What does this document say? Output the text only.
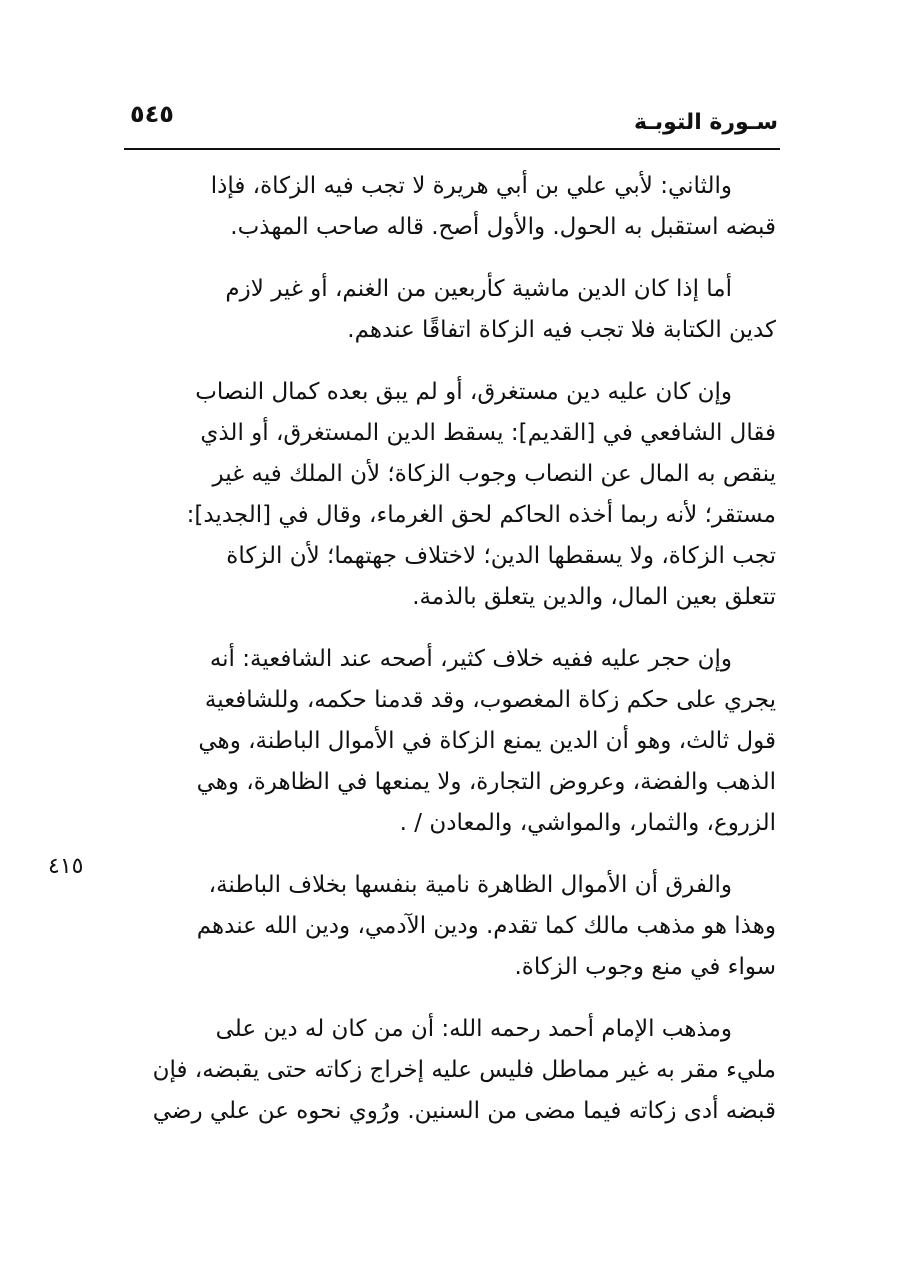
سـورة التوبـة
٥٤٥
٤١٥
والثاني: لأبي علي بن أبي هريرة لا تجب فيه الزكاة، فإذا
قبضه استقبل به الحول. والأول أصح. قاله صاحب المهذب.
أما إذا كان الدين ماشية كأربعين من الغنم، أو غير لازم
كدين الكتابة فلا تجب فيه الزكاة اتفاقًا عندهم.
وإن كان عليه دين مستغرق، أو لم يبق بعده كمال النصاب
فقال الشافعي في [القديم]: يسقط الدين المستغرق، أو الذي
ينقص به المال عن النصاب وجوب الزكاة؛ لأن الملك فيه غير
مستقر؛ لأنه ربما أخذه الحاكم لحق الغرماء، وقال في [الجديد]:
تجب الزكاة، ولا يسقطها الدين؛ لاختلاف جهتهما؛ لأن الزكاة
تتعلق بعين المال، والدين يتعلق بالذمة.
وإن حجر عليه ففيه خلاف كثير، أصحه عند الشافعية: أنه
يجري على حكم زكاة المغصوب، وقد قدمنا حكمه، وللشافعية
قول ثالث، وهو أن الدين يمنع الزكاة في الأموال الباطنة، وهي
الذهب والفضة، وعروض التجارة، ولا يمنعها في الظاهرة، وهي
الزروع، والثمار، والمواشي، والمعادن / .
والفرق أن الأموال الظاهرة نامية بنفسها بخلاف الباطنة،
وهذا هو مذهب مالك كما تقدم. ودين الآدمي، ودين الله عندهم
سواء في منع وجوب الزكاة.
ومذهب الإمام أحمد رحمه الله: أن من كان له دين على
مليء مقر به غير مماطل فليس عليه إخراج زكاته حتى يقبضه، فإن
قبضه أدى زكاته فيما مضى من السنين. ورُوي نحوه عن علي رضي
